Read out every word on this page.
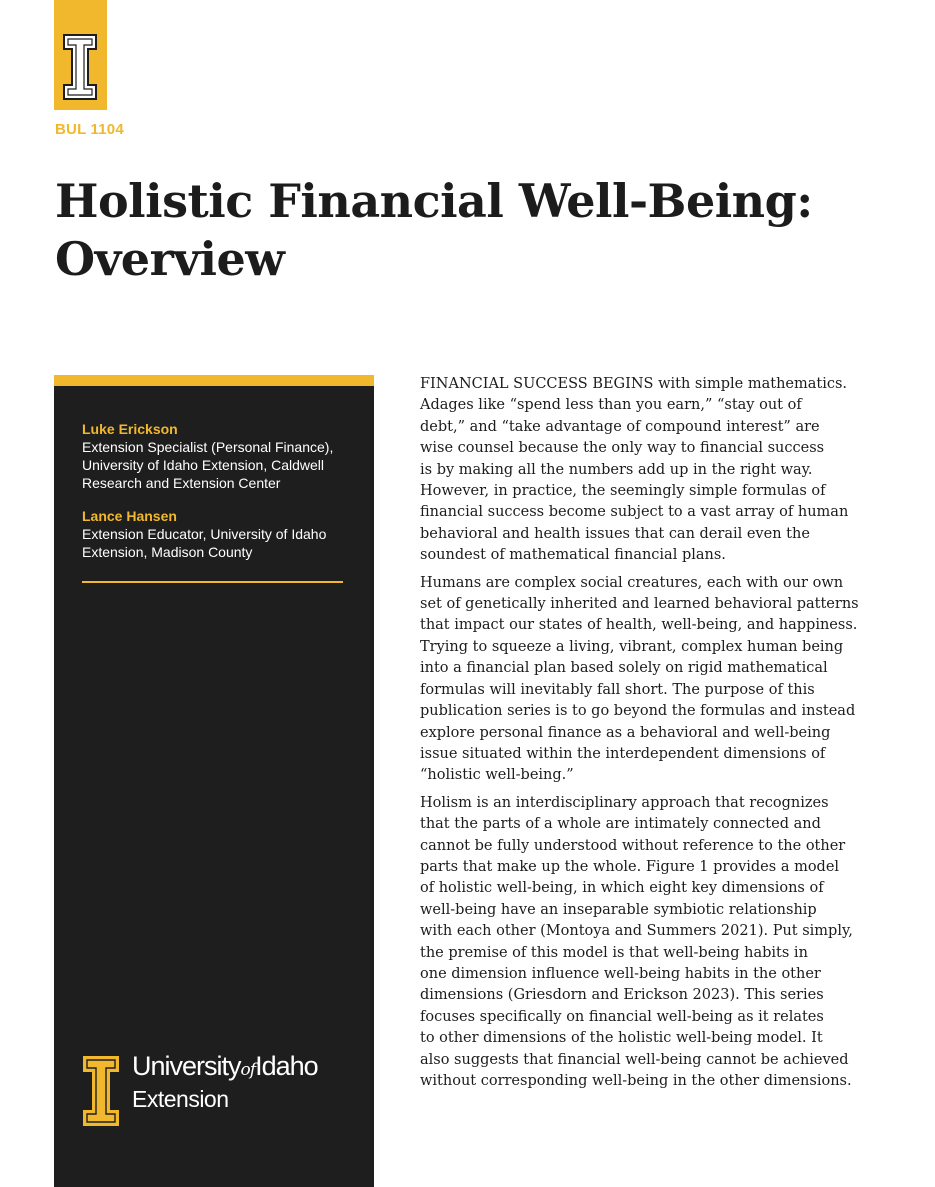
BUL 1104
Holistic Financial Well-Being:
Overview
Luke Erickson
Extension Specialist (Personal Finance),
University of Idaho Extension, Caldwell
Research and Extension Center
Lance Hansen
Extension Educator, University of Idaho
Extension, Madison County
UniversityofIdaho
Extension

FINANCIAL SUCCESS BEGINS with simple mathematics.
Adages like “spend less than you earn,” “stay out of
debt,” and “take advantage of compound interest” are
wise counsel because the only way to financial success
is by making all the numbers add up in the right way.
However, in practice, the seemingly simple formulas of
financial success become subject to a vast array of human
behavioral and health issues that can derail even the
soundest of mathematical financial plans.

Humans are complex social creatures, each with our own
set of genetically inherited and learned behavioral patterns
that impact our states of health, well-being, and happiness.
Trying to squeeze a living, vibrant, complex human being
into a financial plan based solely on rigid mathematical
formulas will inevitably fall short. The purpose of this
publication series is to go beyond the formulas and instead
explore personal finance as a behavioral and well-being
issue situated within the interdependent dimensions of
“holistic well-being.”

Holism is an interdisciplinary approach that recognizes
that the parts of a whole are intimately connected and
cannot be fully understood without reference to the other
parts that make up the whole. Figure 1 provides a model
of holistic well-being, in which eight key dimensions of
well-being have an inseparable symbiotic relationship
with each other (Montoya and Summers 2021). Put simply,
the premise of this model is that well-being habits in
one dimension influence well-being habits in the other
dimensions (Griesdorn and Erickson 2023). This series
focuses specifically on financial well-being as it relates
to other dimensions of the holistic well-being model. It
also suggests that financial well-being cannot be achieved
without corresponding well-being in the other dimensions.
